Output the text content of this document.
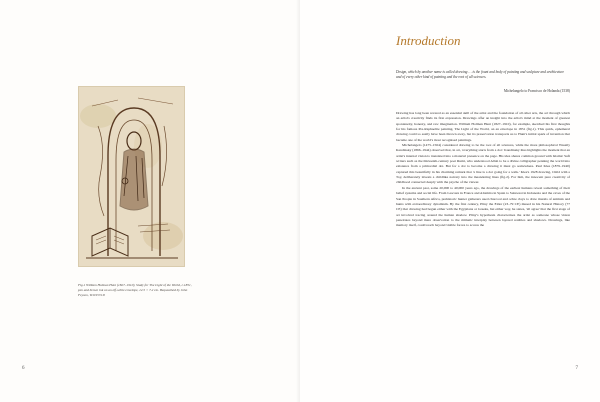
Fig.1 William Holman Hunt (1827–1910), Study for The Light of the World, c.1851, pen and brown ink on an off-white envelope, 12.5 × 7.2 cm. Bequeathed by John Feyson, W.0.9572.8
6
Introduction
Design, which by another name is called drawing … is the fount and body of painting and sculpture and architecture and of every other kind of painting and the root of all sciences.
Michelangelo to Francisco de Holanda (1538)

Drawing has long been revered as an essential skill of the artist and the foundation of all other arts, the act through which an artist's creativity finds its first expression. Drawings offer an insight into the artist's mind at the moment of greatest spontaneity, honesty, and raw imagination. William Holman Hunt (1827–1910), for example, sketched his first thoughts for his famous Pre-Raphaelite painting, The Light of the World, on an envelope in 1851 (fig.1). This quick, ephemeral drawing could so easily have been thrown away, but its preservation transports us to Hunt's initial spark of invention that became one of the world's most recognised paintings.

Michelangelo (1475–1564) considered drawing to be the root of all sciences, while the more philosophical Wassily Kandinsky (1866–1944) observed that, in art, 'everything starts from a dot.' Kandinsky thus highlights the moment that an artist's internal vision is translated into a material presence on the page. His idea shares common ground with Islamic Sufi writers such as the thirteenth-century poet Rumi, who understood Allah to be a divine calligrapher penning the world into existence from a primordial dot. But for a dot to become a drawing it must go somewhere. Paul Klee (1879–1940) captured this beautifully in his charming remark that 'a line is a dot going for a walk.' Klee's 1928 drawing, Child with a Toy, deliberately invests a childlike naivety into the meandering lines (fig.2). For him, the innocent pure creativity of childhood connected deeply with the psyche of the viewer.

In the ancient past, some 20,000 to 40,000 years ago, the drawings of the earliest humans reveal something of their belief systems and social life. From Lascaux in France and Altamira in Spain to Sulawesi in Indonesia and the caves of the San People in Southern Africa, prehistoric hunter gatherers used charcoal and ochre clays to draw murals of animals and hunts with extraordinary dynamism. By the first century, Pliny the Elder (23–79 CE) mused in his Natural History (77 CE) that drawing had begun either with the Egyptians or Greeks, but either way, he states, 'all agree' that the first stage of art involved tracing around the human shadow. Pliny's hypothesis characterises the artist as someone whose vision penetrates beyond mere observation to the mimetic interplay between layered realities and shadows. Drawings, like memory itself, could reach beyond visible forces to access the

7
